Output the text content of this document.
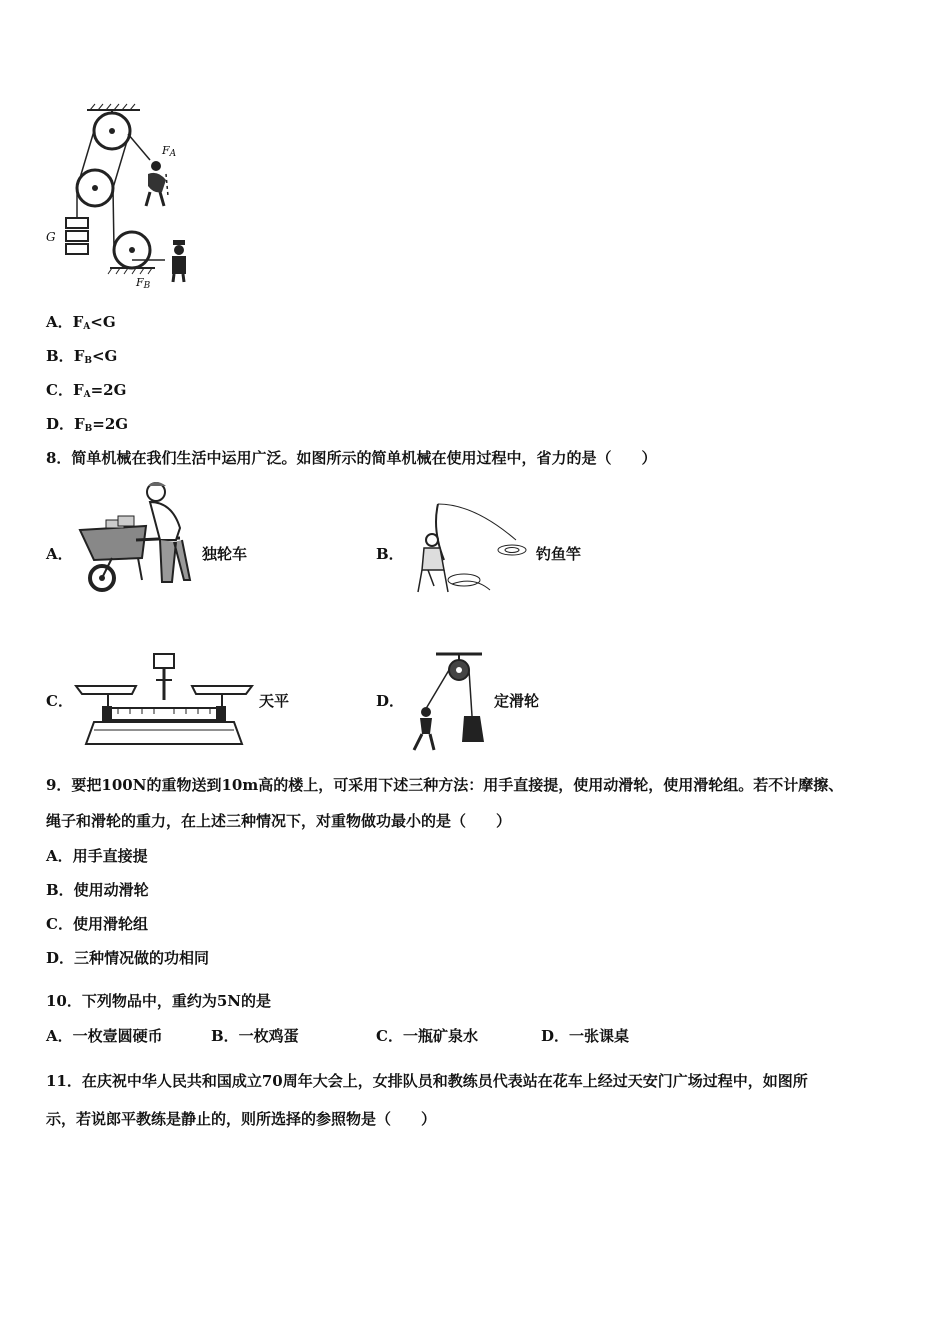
$F_A$
G
$F_B$
A．$F_A<G$
B．$F_B<G$
C．$F_A=2G$
D．$F_B=2G$
8．简单机械在我们生活中运用广泛。如图所示的简单机械在使用过程中，省力的是（　　）
A．	独轮车	B．	钓鱼竿
C．	天平	D．	定滑轮
9．要把100N的重物送到10m高的楼上，可采用下述三种方法：用手直接提，使用动滑轮，使用滑轮组。若不计摩擦、
绳子和滑轮的重力，在上述三种情况下，对重物做功最小的是（　　）
A．用手直接提
B．使用动滑轮
C．使用滑轮组
D．三种情况做的功相同
10．下列物品中，重约为5N的是
A．一枚壹圆硬币	B．一枚鸡蛋	C．一瓶矿泉水	D．一张课桌
11．在庆祝中华人民共和国成立70周年大会上，女排队员和教练员代表站在花车上经过天安门广场过程中，如图所
示，若说郎平教练是静止的，则所选择的参照物是（　　）
